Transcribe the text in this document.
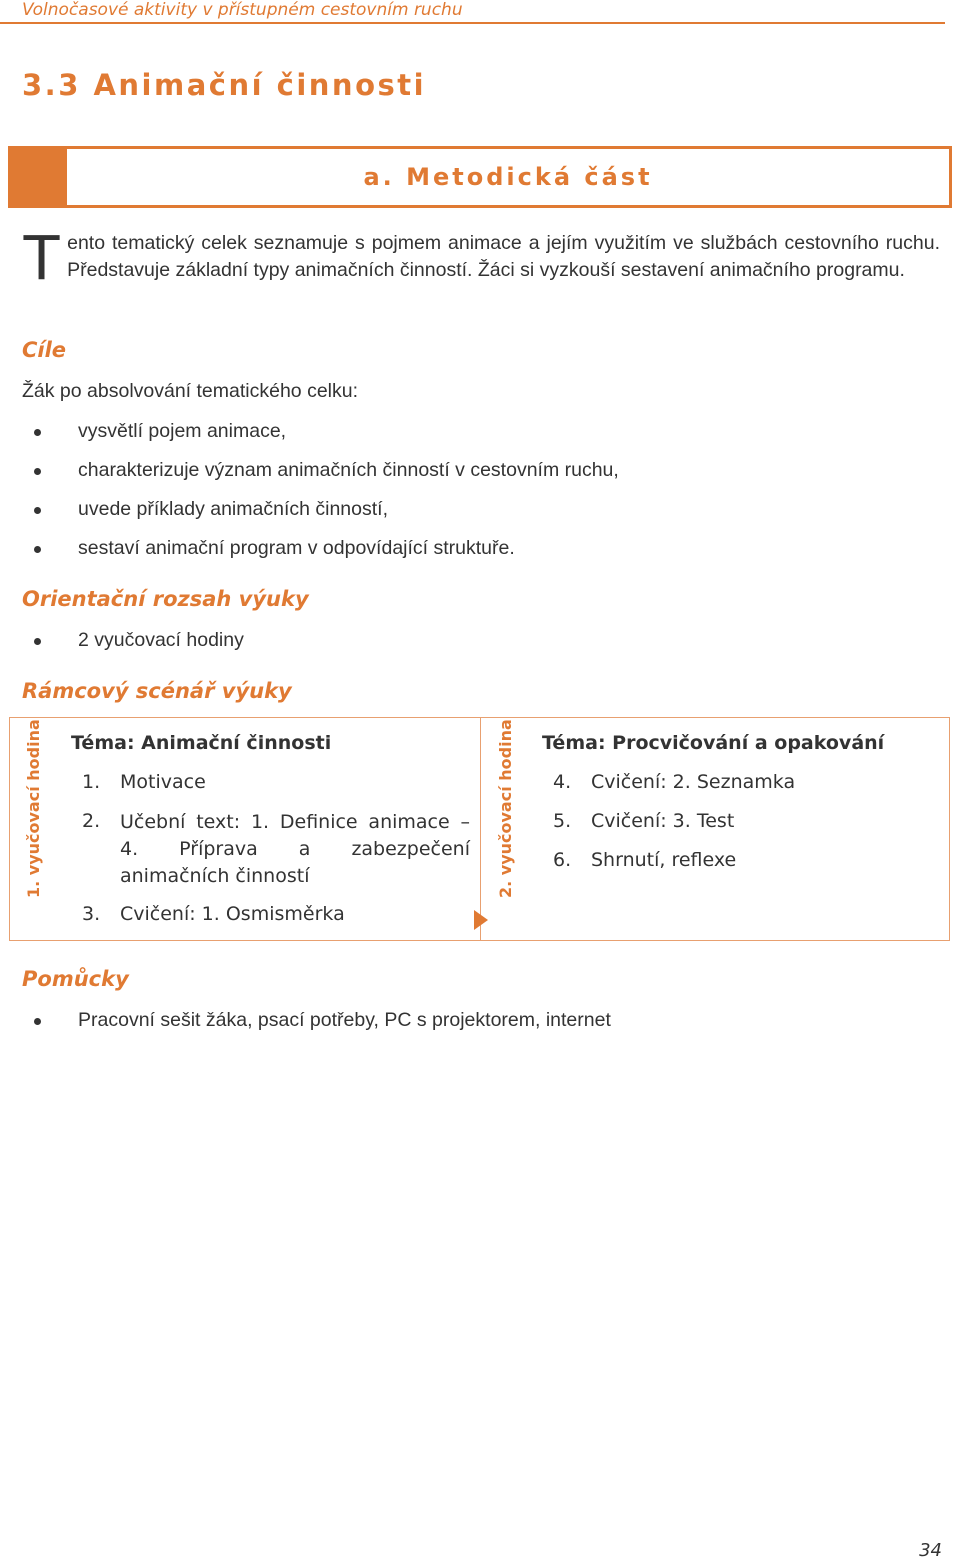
Volnočasové aktivity v přístupném cestovním ruchu
3.3 Animační činnosti
a. Metodická část
Tento tematický celek seznamuje s pojmem animace a jejím využitím ve službách cestovního ruchu. Představuje základní typy animačních činností. Žáci si vyzkouší sestavení animačního programu.
Cíle
Žák po absolvování tematického celku:
vysvětlí pojem animace,
charakterizuje význam animačních činností v cestovním ruchu,
uvede příklady animačních činností,
sestaví animační program v odpovídající struktuře.
Orientační rozsah výuky
2 vyučovací hodiny
Rámcový scénář výuky
1. vyučovací hodina Téma: Animační činnosti
1. Motivace
2. Učební text: 1. Definice animace – 4. Příprava a zabezpečení animačních činností
3. Cvičení: 1. Osmisměrka
2. vyučovací hodina Téma: Procvičování a opakování
4. Cvičení: 2. Seznamka
5. Cvičení: 3. Test
6. Shrnutí, reflexe
Pomůcky
Pracovní sešit žáka, psací potřeby, PC s projektorem, internet
34
